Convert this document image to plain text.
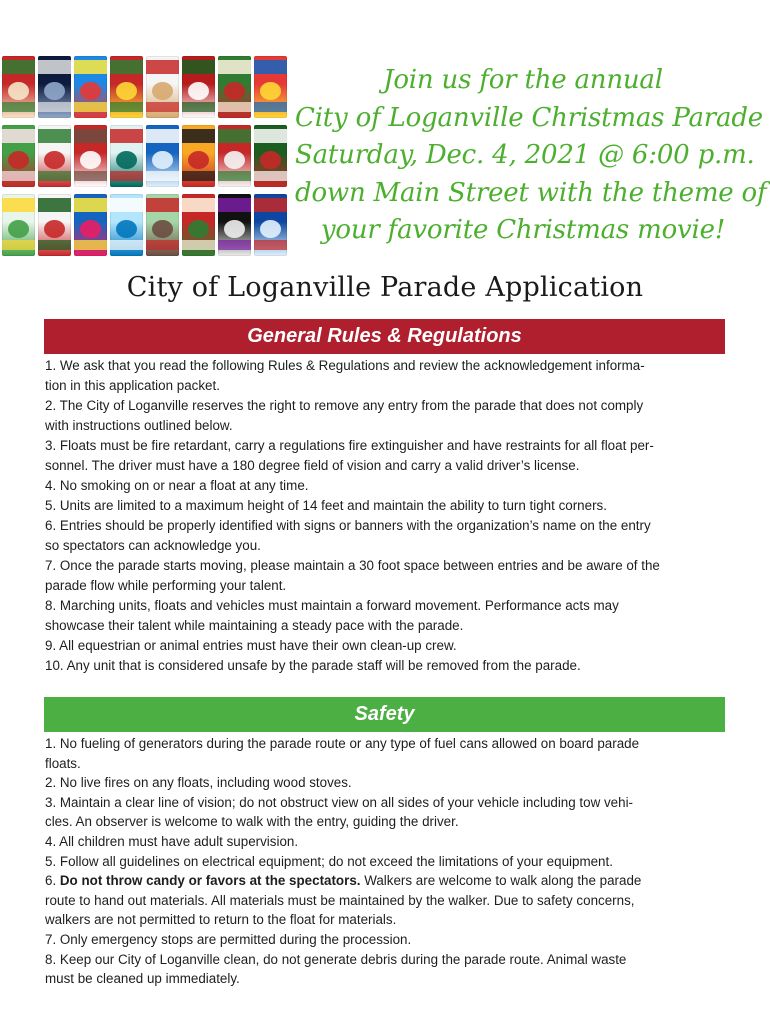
Join us for the annual
City of Loganville Christmas Parade
Saturday, Dec. 4, 2021 @ 6:00 p.m.
down Main Street with the theme of
your favorite Christmas movie!
City of Loganville Parade Application
General Rules & Regulations

1. We ask that you read the following Rules & Regulations and review the acknowledgement informa-

tion in this application packet.

2. The City of Loganville reserves the right to remove any entry from the parade that does not comply

with instructions outlined below.

3. Floats must be fire retardant, carry a regulations fire extinguisher and have restraints for all float per-

sonnel. The driver must have a 180 degree field of vision and carry a valid driver’s license.

4. No smoking on or near a float at any time.

5. Units are limited to a maximum height of 14 feet and maintain the ability to turn tight corners.

6. Entries should be properly identified with signs or banners with the organization’s name on the entry

so spectators can acknowledge you.

7. Once the parade starts moving, please maintain a 30 foot space between entries and be aware of the

parade flow while performing your talent.

8. Marching units, floats and vehicles must maintain a forward movement. Performance acts may

showcase their talent while maintaining a steady pace with the parade.

9. All equestrian or animal entries must have their own clean-up crew.

10. Any unit that is considered unsafe by the parade staff will be removed from the parade.

Safety

1. No fueling of generators during the parade route or any type of fuel cans allowed on board parade

floats.

2. No live fires on any floats, including wood stoves.

3. Maintain a clear line of vision; do not obstruct view on all sides of your vehicle including tow vehi-

cles. An observer is welcome to walk with the entry, guiding the driver.

4. All children must have adult supervision.

5. Follow all guidelines on electrical equipment; do not exceed the limitations of your equipment.

6. Do not throw candy or favors at the spectators. Walkers are welcome to walk along the parade

route to hand out materials. All materials must be maintained by the walker. Due to safety concerns,

walkers are not permitted to return to the float for materials.

7. Only emergency stops are permitted during the procession.

8. Keep our City of Loganville clean, do not generate debris during the parade route. Animal waste

must be cleaned up immediately.
